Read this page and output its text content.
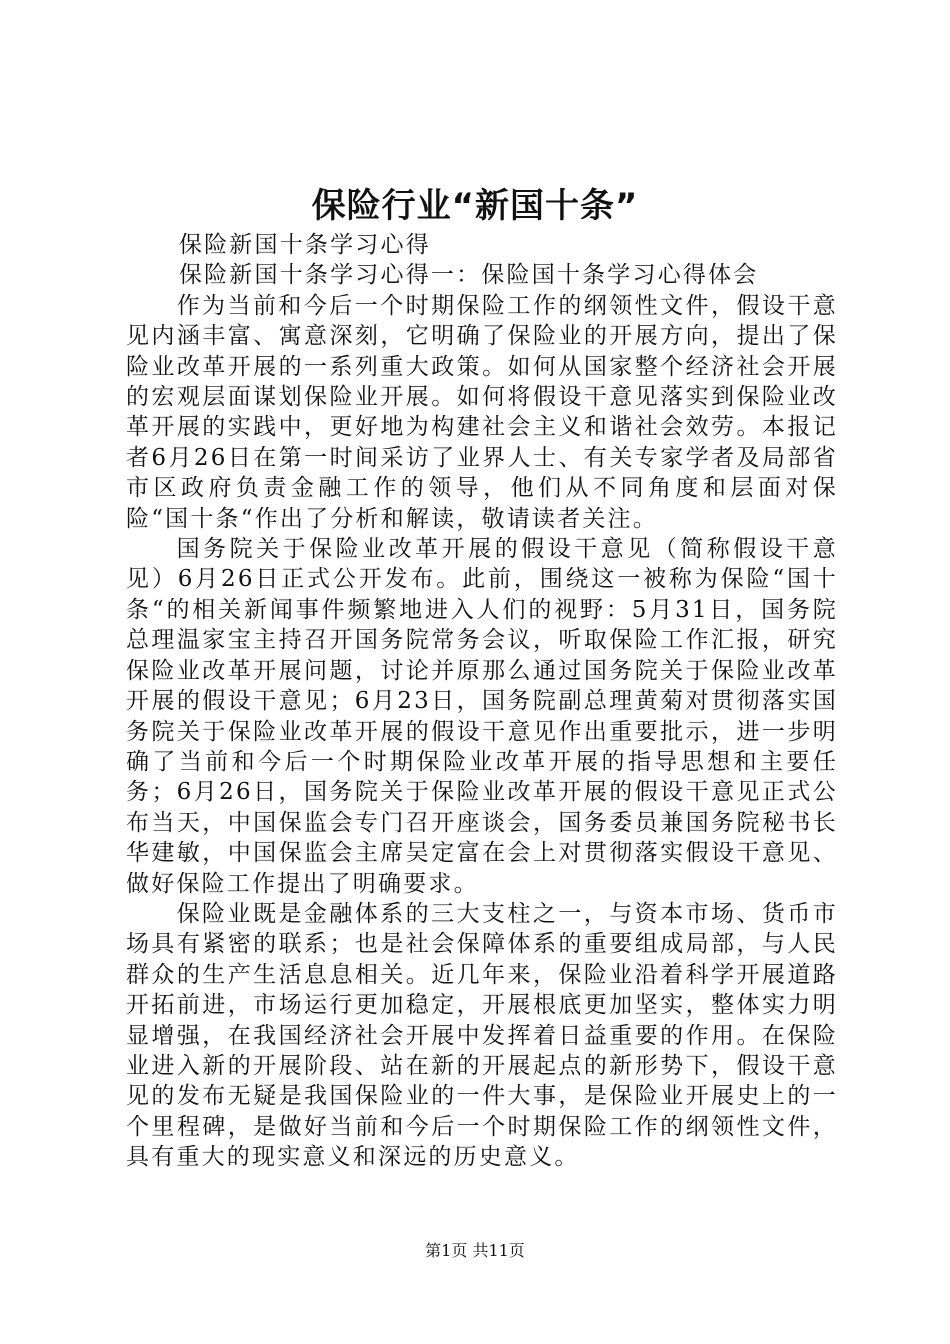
保险行业“新国十条”

保险新国十条学习心得

保险新国十条学习心得一：保险国十条学习心得体会

作为当前和今后一个时期保险工作的纲领性文件，假设干意见内涵丰富、寓意深刻，它明确了保险业的开展方向，提出了保险业改革开展的一系列重大政策。如何从国家整个经济社会开展的宏观层面谋划保险业开展。如何将假设干意见落实到保险业改革开展的实践中，更好地为构建社会主义和谐社会效劳。本报记者6月26日在第一时间采访了业界人士、有关专家学者及局部省市区政府负责金融工作的领导，他们从不同角度和层面对保险“国十条“作出了分析和解读，敬请读者关注。

国务院关于保险业改革开展的假设干意见（简称假设干意见）6月26日正式公开发布。此前，围绕这一被称为保险“国十条“的相关新闻事件频繁地进入人们的视野：5月31日，国务院总理温家宝主持召开国务院常务会议，听取保险工作汇报，研究保险业改革开展问题，讨论并原那么通过国务院关于保险业改革开展的假设干意见；6月23日，国务院副总理黄菊对贯彻落实国务院关于保险业改革开展的假设干意见作出重要批示，进一步明确了当前和今后一个时期保险业改革开展的指导思想和主要任务；6月26日，国务院关于保险业改革开展的假设干意见正式公布当天，中国保监会专门召开座谈会，国务委员兼国务院秘书长华建敏，中国保监会主席吴定富在会上对贯彻落实假设干意见、做好保险工作提出了明确要求。

保险业既是金融体系的三大支柱之一，与资本市场、货币市场具有紧密的联系；也是社会保障体系的重要组成局部，与人民群众的生产生活息息相关。近几年来，保险业沿着科学开展道路开拓前进，市场运行更加稳定，开展根底更加坚实，整体实力明显增强，在我国经济社会开展中发挥着日益重要的作用。在保险业进入新的开展阶段、站在新的开展起点的新形势下，假设干意见的发布无疑是我国保险业的一件大事，是保险业开展史上的一个里程碑，是做好当前和今后一个时期保险工作的纲领性文件，具有重大的现实意义和深远的历史意义。

第1页 共11页
